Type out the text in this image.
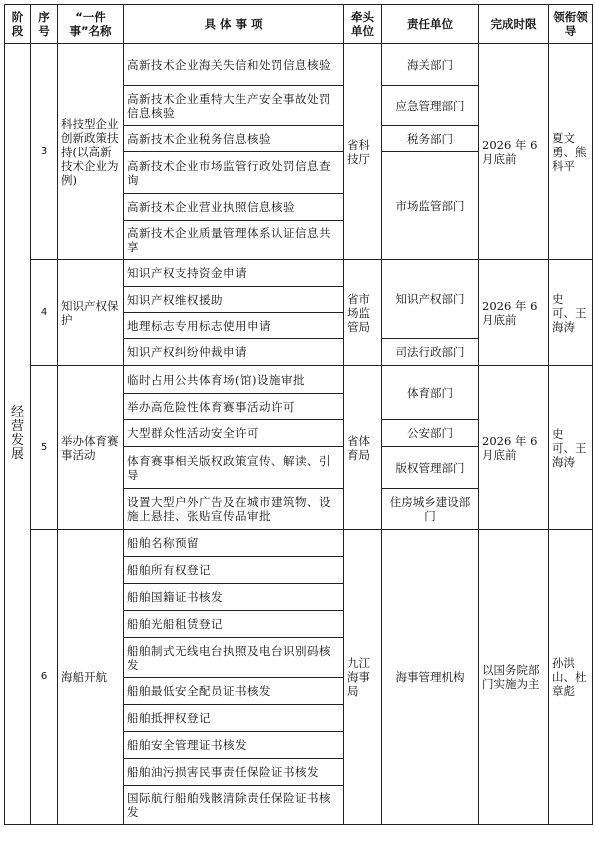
阶段	序号	“一件事”名称	具 体 事 项	牵头单位	责任单位	完成时限	领衔领导
经营发展	3	科技型企业创新政策扶持(以高新技术企业为例)	高新技术企业海关失信和处罚信息核验	省科技厅	海关部门	2026 年 6 月底前	夏文勇、熊科平
			高新技术企业重特大生产安全事故处罚信息核验		应急管理部门		
			高新技术企业税务信息核验		税务部门		
			高新技术企业市场监管行政处罚信息查询		市场监管部门		
			高新技术企业营业执照信息核验				
			高新技术企业质量管理体系认证信息共享				
	4	知识产权保护	知识产权支持资金申请	省市场监管局	知识产权部门	2026 年 6 月底前	史 可、王海涛
			知识产权维权援助				
			地理标志专用标志使用申请				
			知识产权纠纷仲裁申请		司法行政部门		
	5	举办体育赛事活动	临时占用公共体育场(馆)设施审批	省体育局	体育部门	2026 年 6 月底前	史 可、王海涛
			举办高危险性体育赛事活动许可				
			大型群众性活动安全许可		公安部门		
			体育赛事相关版权政策宣传、解读、引导		版权管理部门		
			设置大型户外广告及在城市建筑物、设施上悬挂、张贴宣传品审批		住房城乡建设部门		
	6	海船开航	船舶名称预留	九江海事局	海事管理机构	以国务院部门实施为主	孙洪山、杜章彪
			船舶所有权登记				
			船舶国籍证书核发				
			船舶光船租赁登记				
			船舶制式无线电台执照及电台识别码核发				
			船舶最低安全配员证书核发				
			船舶抵押权登记				
			船舶安全管理证书核发				
			船舶油污损害民事责任保险证书核发				
			国际航行船舶残骸清除责任保险证书核发				
